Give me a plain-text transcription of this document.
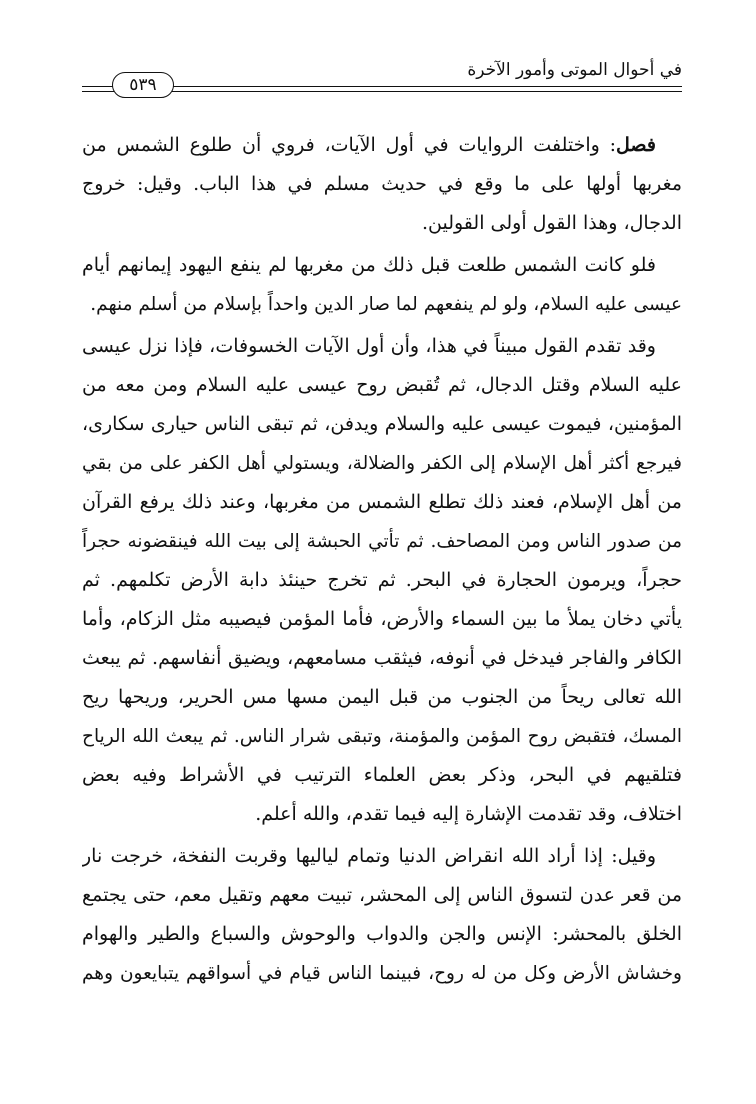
٥٣٩
في أحوال الموتى وأمور الآخرة
فصل: واختلفت الروايات في أول الآيات، فروي أن طلوع الشمس من
مغربها أولها على ما وقع في حديث مسلم في هذا الباب. وقيل: خروج
الدجال، وهذا القول أولى القولين.
فلو كانت الشمس طلعت قبل ذلك من مغربها لم ينفع اليهود إيمانهم أيام
عيسى عليه السلام، ولو لم ينفعهم لما صار الدين واحداً بإسلام من أسلم منهم.
وقد تقدم القول مبيناً في هذا، وأن أول الآيات الخسوفات، فإذا نزل عيسى
عليه السلام وقتل الدجال، ثم تُقبض روح عيسى عليه السلام ومن معه من
المؤمنين، فيموت عيسى عليه والسلام ويدفن، ثم تبقى الناس حيارى سكارى،
فيرجع أكثر أهل الإسلام إلى الكفر والضلالة، ويستولي أهل الكفر على من بقي
من أهل الإسلام، فعند ذلك تطلع الشمس من مغربها، وعند ذلك يرفع القرآن
من صدور الناس ومن المصاحف. ثم تأتي الحبشة إلى بيت الله فينقضونه حجراً
حجراً، ويرمون الحجارة في البحر. ثم تخرج حينئذ دابة الأرض تكلمهم. ثم
يأتي دخان يملأ ما بين السماء والأرض، فأما المؤمن فيصيبه مثل الزكام، وأما
الكافر والفاجر فيدخل في أنوفه، فيثقب مسامعهم، ويضيق أنفاسهم. ثم يبعث
الله تعالى ريحاً من الجنوب من قبل اليمن مسها مس الحرير، وريحها ريح
المسك، فتقبض روح المؤمن والمؤمنة، وتبقى شرار الناس. ثم يبعث الله الرياح
فتلقيهم في البحر، وذكر بعض العلماء الترتيب في الأشراط وفيه بعض
اختلاف، وقد تقدمت الإشارة إليه فيما تقدم، والله أعلم.
وقيل: إذا أراد الله انقراض الدنيا وتمام لياليها وقربت النفخة، خرجت نار
من قعر عدن لتسوق الناس إلى المحشر، تبيت معهم وتقيل معم، حتى يجتمع
الخلق بالمحشر: الإنس والجن والدواب والوحوش والسباع والطير والهوام
وخشاش الأرض وكل من له روح، فبينما الناس قيام في أسواقهم يتبايعون وهم
